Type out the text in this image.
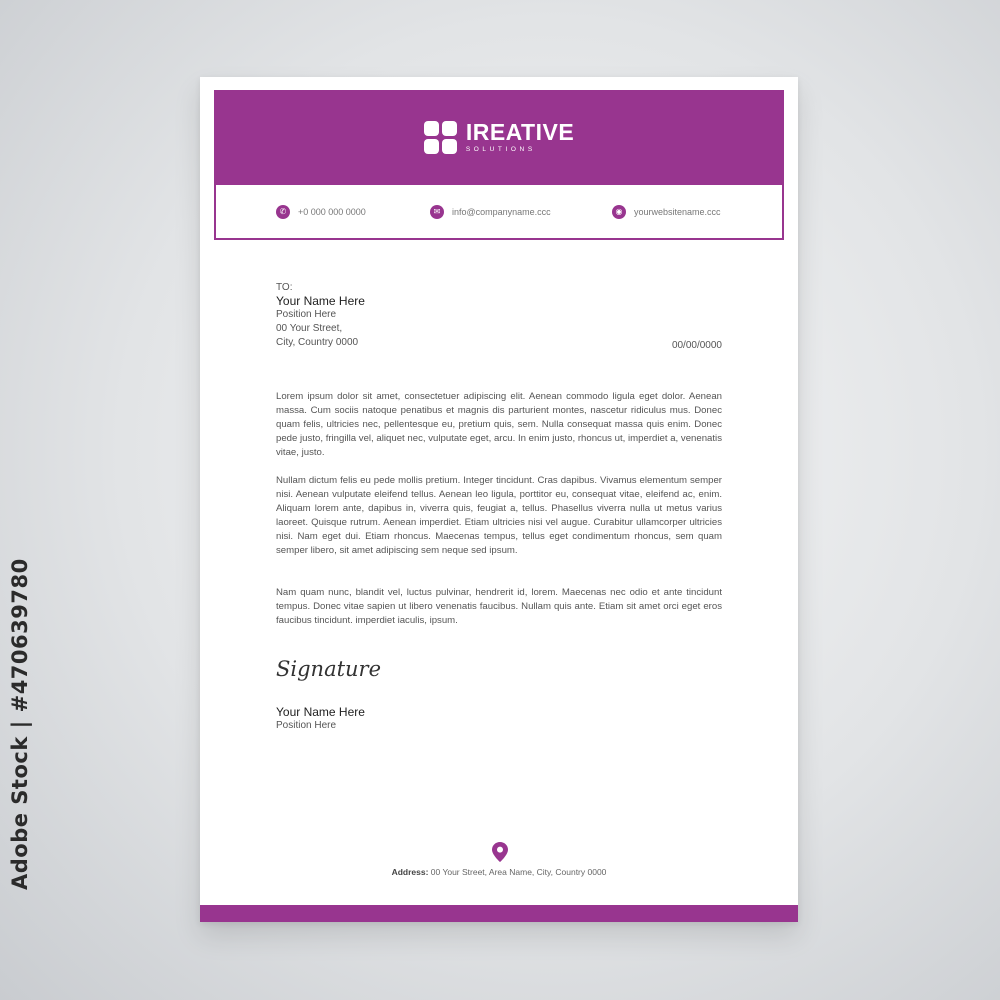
Adobe Stock | #470639780
IREATIVE
SOLUTIONS
✆	+0 000 000 0000	✉	info@companyname.ccc	◉	yourwebsitename.ccc
TO:
Your Name Here
Position Here
00 Your Street,
City, Country 0000	00/00/0000
Lorem ipsum dolor sit amet, consectetuer adipiscing elit. Aenean commodo ligula eget dolor. Aenean massa. Cum sociis natoque penatibus et magnis dis parturient montes, nascetur ridiculus mus. Donec quam felis, ultricies nec, pellentesque eu, pretium quis, sem. Nulla consequat massa quis enim. Donec pede justo, fringilla vel, aliquet nec, vulputate eget, arcu. In enim justo, rhoncus ut, imperdiet a, venenatis vitae, justo.
Nullam dictum felis eu pede mollis pretium. Integer tincidunt. Cras dapibus. Vivamus elementum semper nisi. Aenean vulputate eleifend tellus. Aenean leo ligula, porttitor eu, consequat vitae, eleifend ac, enim. Aliquam lorem ante, dapibus in, viverra quis, feugiat a, tellus. Phasellus viverra nulla ut metus varius laoreet. Quisque rutrum. Aenean imperdiet. Etiam ultricies nisi vel augue. Curabitur ullamcorper ultricies nisi. Nam eget dui. Etiam rhoncus. Maecenas tempus, tellus eget condimentum rhoncus, sem quam semper libero, sit amet adipiscing sem neque sed ipsum.
Nam quam nunc, blandit vel, luctus pulvinar, hendrerit id, lorem. Maecenas nec odio et ante tincidunt tempus. Donec vitae sapien ut libero venenatis faucibus. Nullam quis ante. Etiam sit amet orci eget eros faucibus tincidunt. imperdiet iaculis, ipsum.
Signature
Your Name Here
Position Here
Address: 00 Your Street, Area Name, City, Country 0000
